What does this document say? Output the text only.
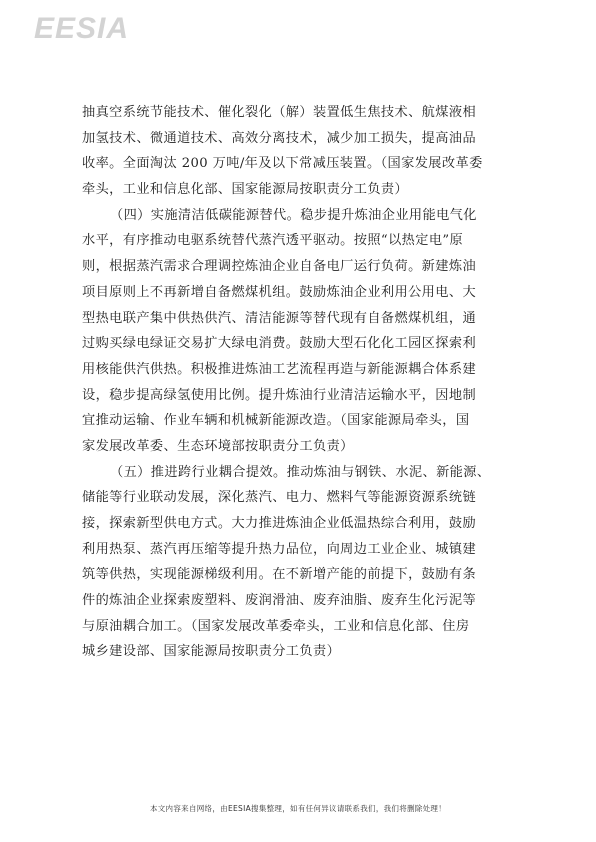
EESIA
抽真空系统节能技术、催化裂化（解）装置低生焦技术、航煤液相
加氢技术、微通道技术、高效分离技术，减少加工损失，提高油品
收率。全面淘汰 200 万吨/年及以下常减压装置。（国家发展改革委
牵头，工业和信息化部、国家能源局按职责分工负责）
（四）实施清洁低碳能源替代。稳步提升炼油企业用能电气化
水平，有序推动电驱系统替代蒸汽透平驱动。按照“以热定电”原
则，根据蒸汽需求合理调控炼油企业自备电厂运行负荷。新建炼油
项目原则上不再新增自备燃煤机组。鼓励炼油企业利用公用电、大
型热电联产集中供热供汽、清洁能源等替代现有自备燃煤机组，通
过购买绿电绿证交易扩大绿电消费。鼓励大型石化化工园区探索利
用核能供汽供热。积极推进炼油工艺流程再造与新能源耦合体系建
设，稳步提高绿氢使用比例。提升炼油行业清洁运输水平，因地制
宜推动运输、作业车辆和机械新能源改造。（国家能源局牵头，国
家发展改革委、生态环境部按职责分工负责）
（五）推进跨行业耦合提效。推动炼油与钢铁、水泥、新能源、
储能等行业联动发展，深化蒸汽、电力、燃料气等能源资源系统链
接，探索新型供电方式。大力推进炼油企业低温热综合利用，鼓励
利用热泵、蒸汽再压缩等提升热力品位，向周边工业企业、城镇建
筑等供热，实现能源梯级利用。在不新增产能的前提下，鼓励有条
件的炼油企业探索废塑料、废润滑油、废弃油脂、废弃生化污泥等
与原油耦合加工。（国家发展改革委牵头，工业和信息化部、住房
城乡建设部、国家能源局按职责分工负责）
本文内容来自网络，由EESIA搜集整理，如有任何异议请联系我们，我们将删除处理！
